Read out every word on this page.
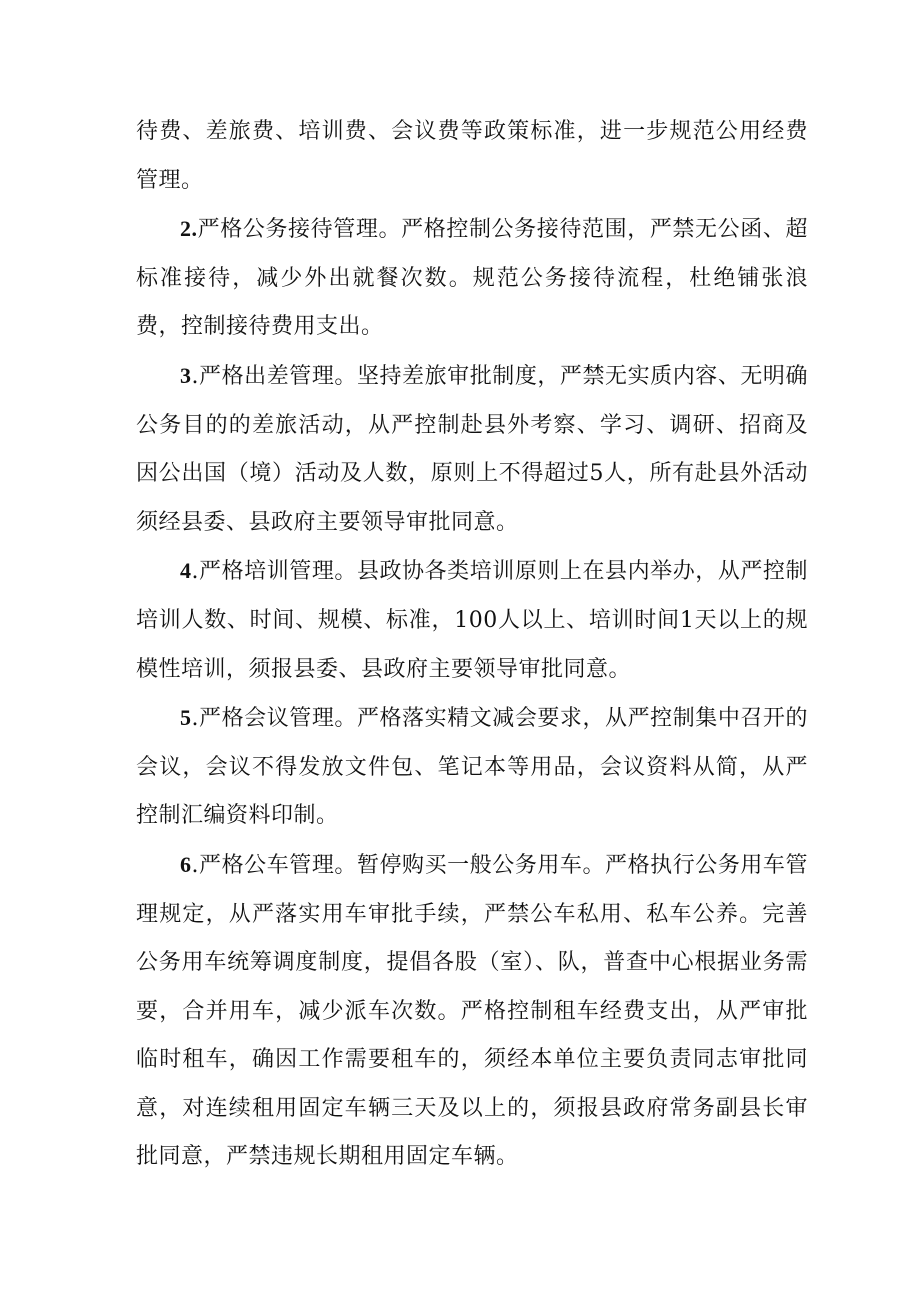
待费、差旅费、培训费、会议费等政策标准，进一步规范公用经费管理。

2.严格公务接待管理。严格控制公务接待范围，严禁无公函、超标准接待，减少外出就餐次数。规范公务接待流程，杜绝铺张浪费，控制接待费用支出。

3.严格出差管理。坚持差旅审批制度，严禁无实质内容、无明确公务目的的差旅活动，从严控制赴县外考察、学习、调研、招商及因公出国（境）活动及人数，原则上不得超过5人，所有赴县外活动须经县委、县政府主要领导审批同意。

4.严格培训管理。县政协各类培训原则上在县内举办，从严控制培训人数、时间、规模、标准，100人以上、培训时间1天以上的规模性培训，须报县委、县政府主要领导审批同意。

5.严格会议管理。严格落实精文减会要求，从严控制集中召开的会议，会议不得发放文件包、笔记本等用品，会议资料从简，从严控制汇编资料印制。

6.严格公车管理。暂停购买一般公务用车。严格执行公务用车管理规定，从严落实用车审批手续，严禁公车私用、私车公养。完善公务用车统筹调度制度，提倡各股（室）、队，普查中心根据业务需要，合并用车，减少派车次数。严格控制租车经费支出，从严审批临时租车，确因工作需要租车的，须经本单位主要负责同志审批同意，对连续租用固定车辆三天及以上的，须报县政府常务副县长审批同意，严禁违规长期租用固定车辆。
